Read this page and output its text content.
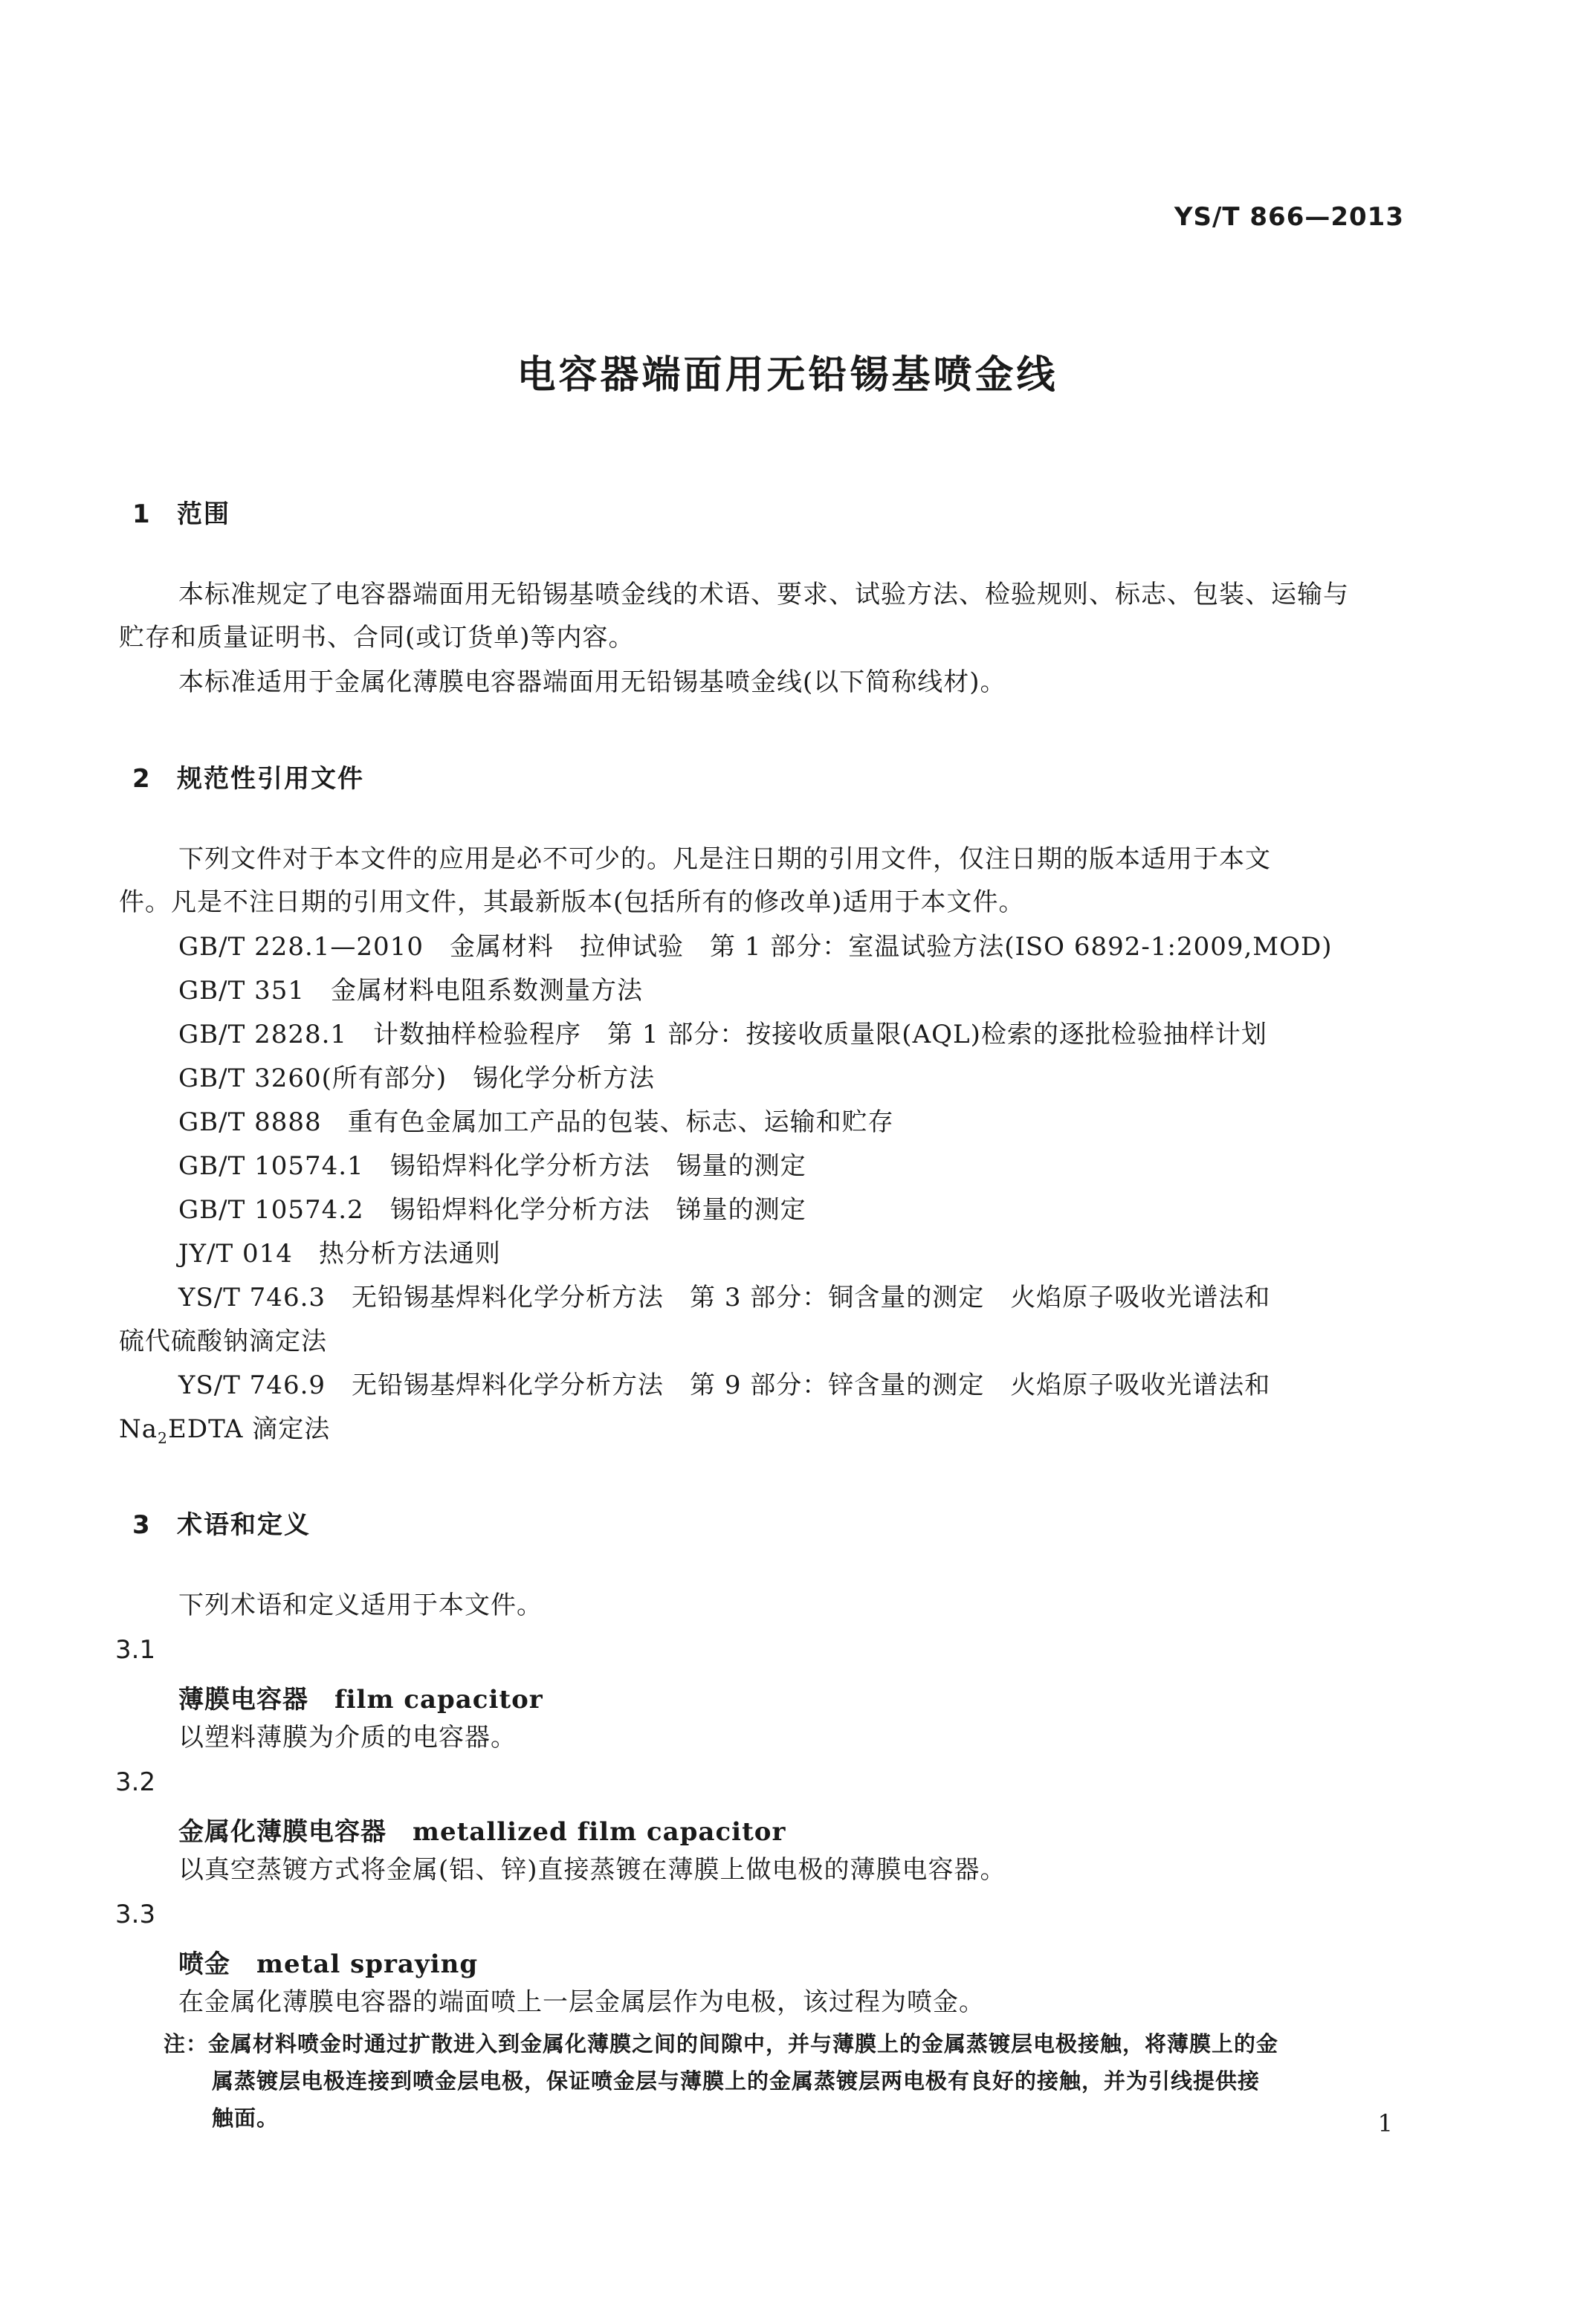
YS/T 866—2013
电容器端面用无铅锡基喷金线
1 范围
本标准规定了电容器端面用无铅锡基喷金线的术语、要求、试验方法、检验规则、标志、包装、运输与
贮存和质量证明书、合同(或订货单)等内容。
本标准适用于金属化薄膜电容器端面用无铅锡基喷金线(以下简称线材)。
2 规范性引用文件
下列文件对于本文件的应用是必不可少的。凡是注日期的引用文件，仅注日期的版本适用于本文
件。凡是不注日期的引用文件，其最新版本(包括所有的修改单)适用于本文件。
GB/T 228.1—2010　金属材料　拉伸试验　第 1 部分：室温试验方法(ISO 6892-1:2009,MOD)
GB/T 351　金属材料电阻系数测量方法
GB/T 2828.1　计数抽样检验程序　第 1 部分：按接收质量限(AQL)检索的逐批检验抽样计划
GB/T 3260(所有部分)　锡化学分析方法
GB/T 8888　重有色金属加工产品的包装、标志、运输和贮存
GB/T 10574.1　锡铅焊料化学分析方法　锡量的测定
GB/T 10574.2　锡铅焊料化学分析方法　锑量的测定
JY/T 014　热分析方法通则
YS/T 746.3　无铅锡基焊料化学分析方法　第 3 部分：铜含量的测定　火焰原子吸收光谱法和
硫代硫酸钠滴定法
YS/T 746.9　无铅锡基焊料化学分析方法　第 9 部分：锌含量的测定　火焰原子吸收光谱法和
$Na_2EDTA$ 滴定法
3 术语和定义
下列术语和定义适用于本文件。
3.1
薄膜电容器　film capacitor
以塑料薄膜为介质的电容器。
3.2
金属化薄膜电容器　metallized film capacitor
以真空蒸镀方式将金属(铝、锌)直接蒸镀在薄膜上做电极的薄膜电容器。
3.3
喷金　metal spraying
在金属化薄膜电容器的端面喷上一层金属层作为电极，该过程为喷金。
注：金属材料喷金时通过扩散进入到金属化薄膜之间的间隙中，并与薄膜上的金属蒸镀层电极接触，将薄膜上的金
属蒸镀层电极连接到喷金层电极，保证喷金层与薄膜上的金属蒸镀层两电极有良好的接触，并为引线提供接
触面。	1
